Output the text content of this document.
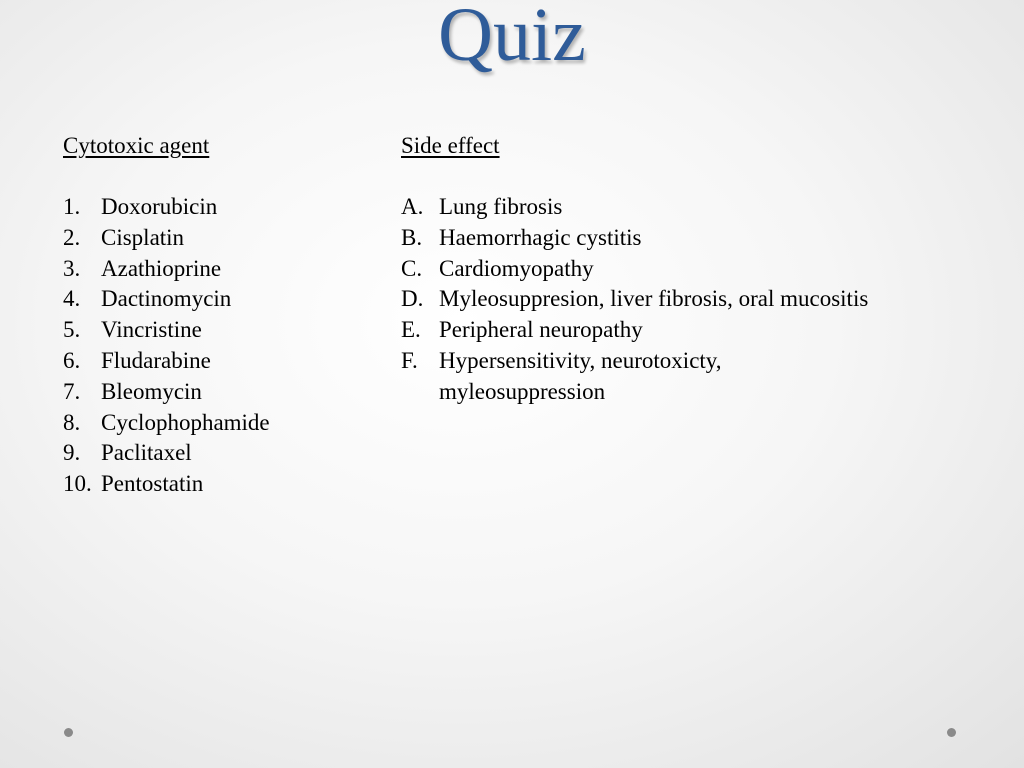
Quiz
Cytotoxic agent
1. Doxorubicin
2. Cisplatin
3. Azathioprine
4. Dactinomycin
5. Vincristine
6. Fludarabine
7. Bleomycin
8. Cyclophophamide
9. Paclitaxel
10. Pentostatin
Side effect
A. Lung fibrosis
B. Haemorrhagic cystitis
C. Cardiomyopathy
D. Myleosuppresion, liver fibrosis, oral mucositis
E. Peripheral neuropathy
F. Hypersensitivity, neurotoxicty, myleosuppression
